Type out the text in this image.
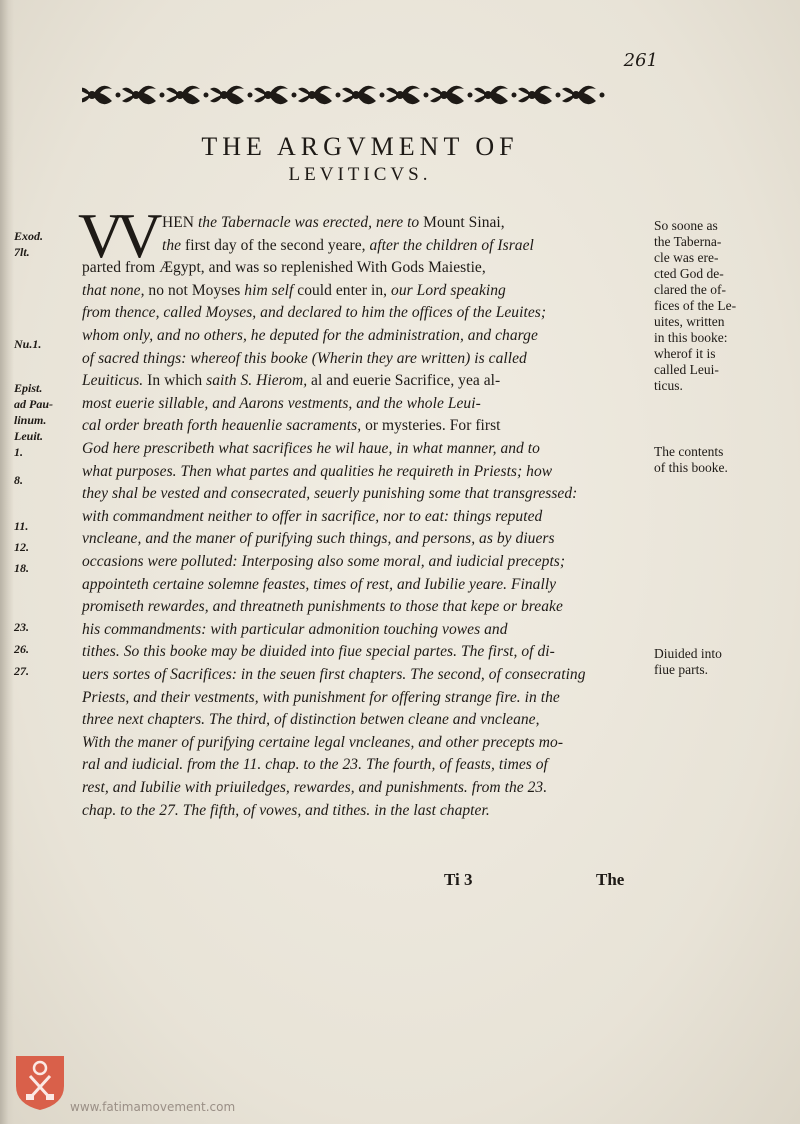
261
THE ARGVMENT OF
LEVITICVS.
VV HEN the Tabernacle was erected, nere to Mount Sinai,
the first day of the second yeare, after the children of Israel
parted from Ægypt, and was so replenished With Gods Maiestie,
that none, no not Moyses him self could enter in, our Lord speaking
from thence, called Moyses, and declared to him the offices of the Leuites;
whom only, and no others, he deputed for the administration, and charge
of sacred things: whereof this booke (Wherin they are written) is called
Leuiticus. In which saith S. Hierom, al and euerie Sacrifice, yea al-
most euerie sillable, and Aarons vestments, and the whole Leui-
cal order breath forth heauenlie sacraments, or mysteries. For first
God here prescribeth what sacrifices he wil haue, in what manner, and to
what purposes. Then what partes and qualities he requireth in Priests; how
they shal be vested and consecrated, seuerly punishing some that transgressed:
with commandment neither to offer in sacrifice, nor to eat: things reputed
vncleane, and the maner of purifying such things, and persons, as by diuers
occasions were polluted: Interposing also some moral, and iudicial precepts;
appointeth certaine solemne feastes, times of rest, and Iubilie yeare. Finally
promiseth rewardes, and threatneth punishments to those that kepe or breake
his commandments: with particular admonition touching vowes and
tithes. So this booke may be diuided into fiue special partes. The first, of di-
uers sortes of Sacrifices: in the seuen first chapters. The second, of consecrating
Priests, and their vestments, with punishment for offering strange fire. in the
three next chapters. The third, of distinction betwen cleane and vncleane,
With the maner of purifying certaine legal vncleanes, and other precepts mo-
ral and iudicial. from the 11. chap. to the 23. The fourth, of feasts, times of
rest, and Iubilie with priuiledges, rewardes, and punishments. from the 23.
chap. to the 27. The fifth, of vowes, and tithes. in the last chapter.
So soone as
the Taberna-
cle was ere-
cted God de-
clared the of-
fices of the Le-
uites, written
in this booke:
wherof it is
called Leui-
ticus.
The contents
of this booke.
Diuided into
fiue parts.
Exod.
7lt.
Nu.1.
Epist.
ad Pau-
linum.
Leuit.
1.
8.
11.
12.
18.
23.
26.
27.
Ti 3	The
www.fatimamovement.com
